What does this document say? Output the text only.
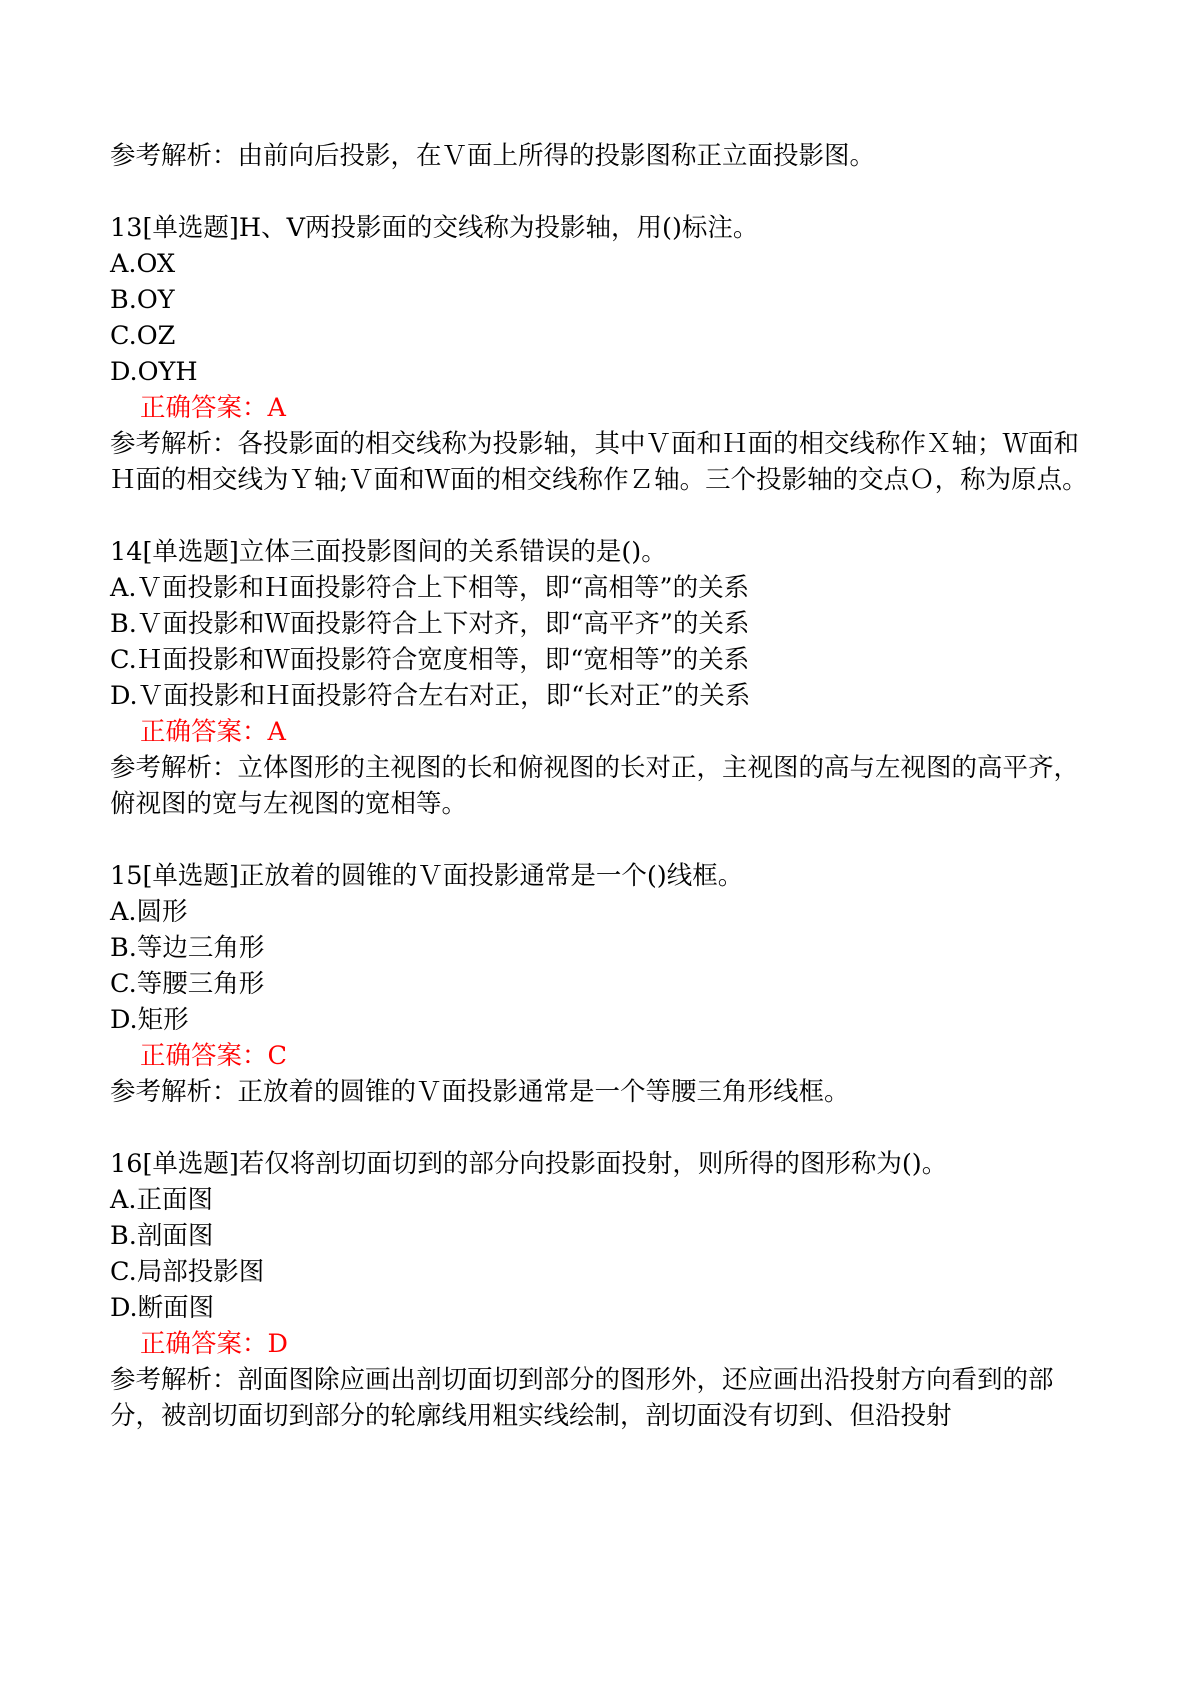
参考解析：由前向后投影，在Ｖ面上所得的投影图称正立面投影图。
13[单选题]H、V两投影面的交线称为投影轴，用()标注。
A.OX
B.OY
C.OZ
D.OYH
正确答案：A
参考解析：各投影面的相交线称为投影轴，其中Ｖ面和Ｈ面的相交线称作Ｘ轴；Ｗ面和Ｈ面的相交线为Ｙ轴;Ｖ面和Ｗ面的相交线称作Ｚ轴。三个投影轴的交点Ｏ，称为原点。
14[单选题]立体三面投影图间的关系错误的是()。
A.Ｖ面投影和Ｈ面投影符合上下相等，即“高相等”的关系
B.Ｖ面投影和Ｗ面投影符合上下对齐，即“高平齐”的关系
C.Ｈ面投影和Ｗ面投影符合宽度相等，即“宽相等”的关系
D.Ｖ面投影和Ｈ面投影符合左右对正，即“长对正”的关系
正确答案：A
参考解析：立体图形的主视图的长和俯视图的长对正，主视图的高与左视图的高平齐，俯视图的宽与左视图的宽相等。
15[单选题]正放着的圆锥的Ｖ面投影通常是一个()线框。
A.圆形
B.等边三角形
C.等腰三角形
D.矩形
正确答案：C
参考解析：正放着的圆锥的Ｖ面投影通常是一个等腰三角形线框。
16[单选题]若仅将剖切面切到的部分向投影面投射，则所得的图形称为()。
A.正面图
B.剖面图
C.局部投影图
D.断面图
正确答案：D
参考解析：剖面图除应画出剖切面切到部分的图形外，还应画出沿投射方向看到的部分，被剖切面切到部分的轮廓线用粗实线绘制，剖切面没有切到、但沿投射
